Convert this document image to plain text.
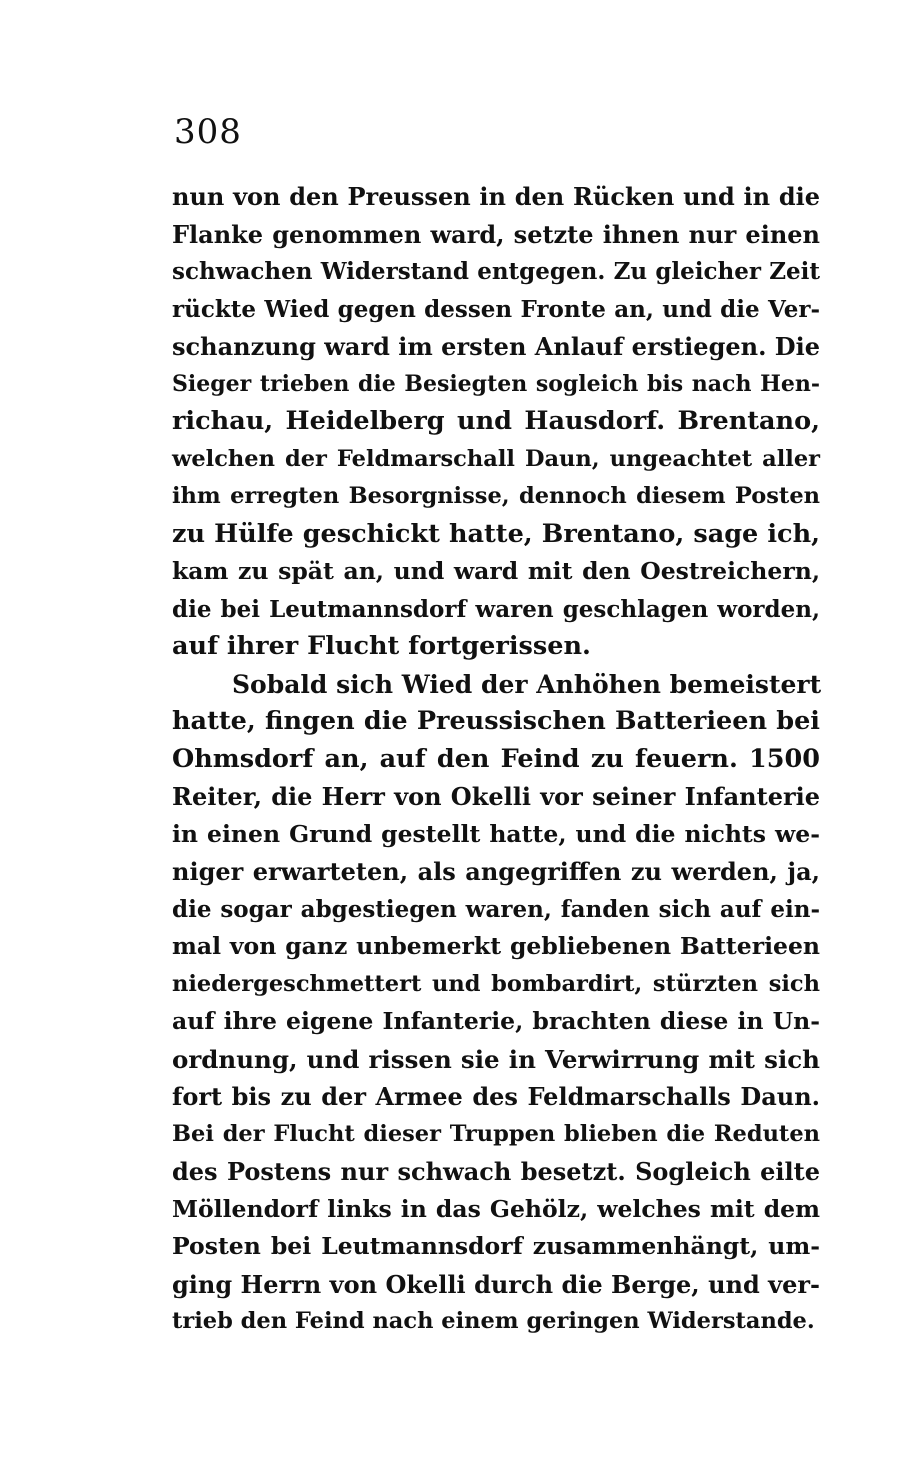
308
nun von den Preussen in den Rücken und in die
Flanke genommen ward, setzte ihnen nur einen
schwachen Widerstand entgegen. Zu gleicher Zeit
rückte Wied gegen dessen Fronte an, und die Ver-
schanzung ward im ersten Anlauf erstiegen. Die
Sieger trieben die Besiegten sogleich bis nach Hen-
richau, Heidelberg und Hausdorf. Brentano,
welchen der Feldmarschall Daun, ungeachtet aller
ihm erregten Besorgnisse, dennoch diesem Posten
zu Hülfe geschickt hatte, Brentano, sage ich,
kam zu spät an, und ward mit den Oestreichern,
die bei Leutmannsdorf waren geschlagen worden,
auf ihrer Flucht fortgerissen.
Sobald sich Wied der Anhöhen bemeistert
hatte, fingen die Preussischen Batterieen bei
Ohmsdorf an, auf den Feind zu feuern. 1500
Reiter, die Herr von Okelli vor seiner Infanterie
in einen Grund gestellt hatte, und die nichts we-
niger erwarteten, als angegriffen zu werden, ja,
die sogar abgestiegen waren, fanden sich auf ein-
mal von ganz unbemerkt gebliebenen Batterieen
niedergeschmettert und bombardirt, stürzten sich
auf ihre eigene Infanterie, brachten diese in Un-
ordnung, und rissen sie in Verwirrung mit sich
fort bis zu der Armee des Feldmarschalls Daun.
Bei der Flucht dieser Truppen blieben die Reduten
des Postens nur schwach besetzt. Sogleich eilte
Möllendorf links in das Gehölz, welches mit dem
Posten bei Leutmannsdorf zusammenhängt, um-
ging Herrn von Okelli durch die Berge, und ver-
trieb den Feind nach einem geringen Widerstande.
